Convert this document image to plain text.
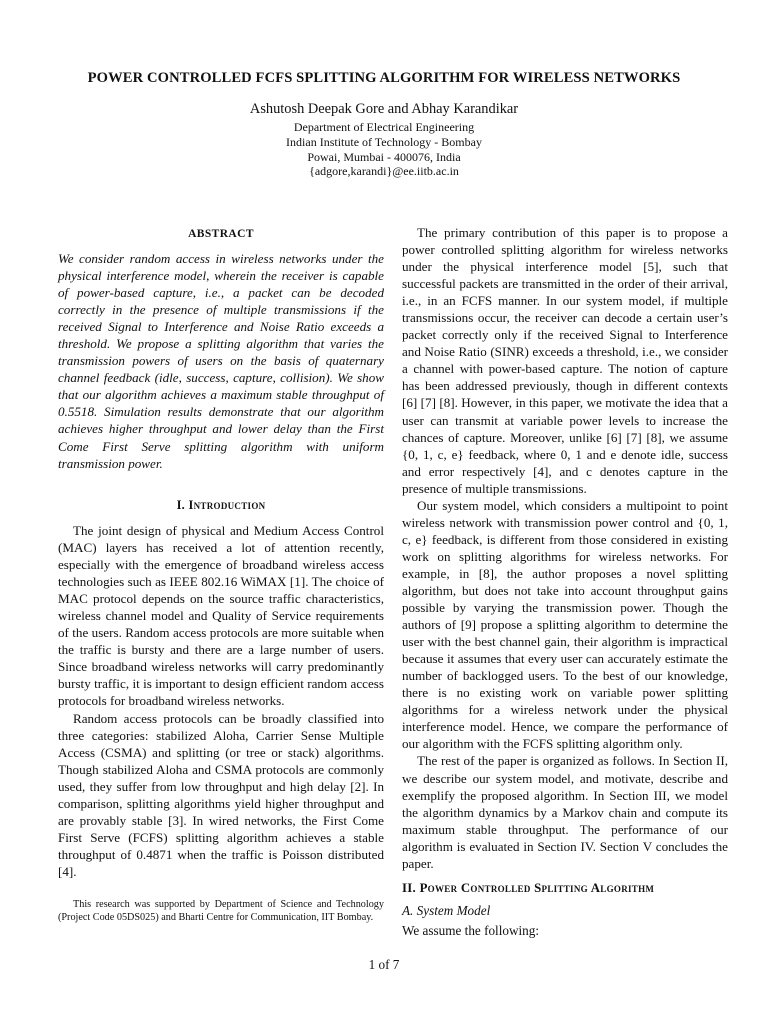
POWER CONTROLLED FCFS SPLITTING ALGORITHM FOR WIRELESS NETWORKS
Ashutosh Deepak Gore and Abhay Karandikar
Department of Electrical Engineering
Indian Institute of Technology - Bombay
Powai, Mumbai - 400076, India
{adgore,karandi}@ee.iitb.ac.in
ABSTRACT
We consider random access in wireless networks under the physical interference model, wherein the receiver is capable of power-based capture, i.e., a packet can be decoded correctly in the presence of multiple transmissions if the received Signal to Interference and Noise Ratio exceeds a threshold. We propose a splitting algorithm that varies the transmission powers of users on the basis of quaternary channel feedback (idle, success, capture, collision). We show that our algorithm achieves a maximum stable throughput of 0.5518. Simulation results demonstrate that our algorithm achieves higher throughput and lower delay than the First Come First Serve splitting algorithm with uniform transmission power.
I. Introduction

The joint design of physical and Medium Access Control (MAC) layers has received a lot of attention recently, especially with the emergence of broadband wireless access technologies such as IEEE 802.16 WiMAX [1]. The choice of MAC protocol depends on the source traffic characteristics, wireless channel model and Quality of Service requirements of the users. Random access protocols are more suitable when the traffic is bursty and there are a large number of users. Since broadband wireless networks will carry predominantly bursty traffic, it is important to design efficient random access protocols for broadband wireless networks.

Random access protocols can be broadly classified into three categories: stabilized Aloha, Carrier Sense Multiple Access (CSMA) and splitting (or tree or stack) algorithms. Though stabilized Aloha and CSMA protocols are commonly used, they suffer from low throughput and high delay [2]. In comparison, splitting algorithms yield higher throughput and are provably stable [3]. In wired networks, the First Come First Serve (FCFS) splitting algorithm achieves a stable throughput of 0.4871 when the traffic is Poisson distributed [4].

This research was supported by Department of Science and Technology (Project Code 05DS025) and Bharti Centre for Communication, IIT Bombay.

The primary contribution of this paper is to propose a power controlled splitting algorithm for wireless networks under the physical interference model [5], such that successful packets are transmitted in the order of their arrival, i.e., in an FCFS manner. In our system model, if multiple transmissions occur, the receiver can decode a certain user’s packet correctly only if the received Signal to Interference and Noise Ratio (SINR) exceeds a threshold, i.e., we consider a channel with power-based capture. The notion of capture has been addressed previously, though in different contexts [6] [7] [8]. However, in this paper, we motivate the idea that a user can transmit at variable power levels to increase the chances of capture. Moreover, unlike [6] [7] [8], we assume {0, 1, c, e} feedback, where 0, 1 and e denote idle, success and error respectively [4], and c denotes capture in the presence of multiple transmissions.

Our system model, which considers a multipoint to point wireless network with transmission power control and {0, 1, c, e} feedback, is different from those considered in existing work on splitting algorithms for wireless networks. For example, in [8], the author proposes a novel splitting algorithm, but does not take into account throughput gains possible by varying the transmission power. Though the authors of [9] propose a splitting algorithm to determine the user with the best channel gain, their algorithm is impractical because it assumes that every user can accurately estimate the number of backlogged users. To the best of our knowledge, there is no existing work on variable power splitting algorithms for a wireless network under the physical interference model. Hence, we compare the performance of our algorithm with the FCFS splitting algorithm only.

The rest of the paper is organized as follows. In Section II, we describe our system model, and motivate, describe and exemplify the proposed algorithm. In Section III, we model the algorithm dynamics by a Markov chain and compute its maximum stable throughput. The performance of our algorithm is evaluated in Section IV. Section V concludes the paper.

II. Power Controlled Splitting Algorithm
A. System Model
We assume the following:
1 of 7
